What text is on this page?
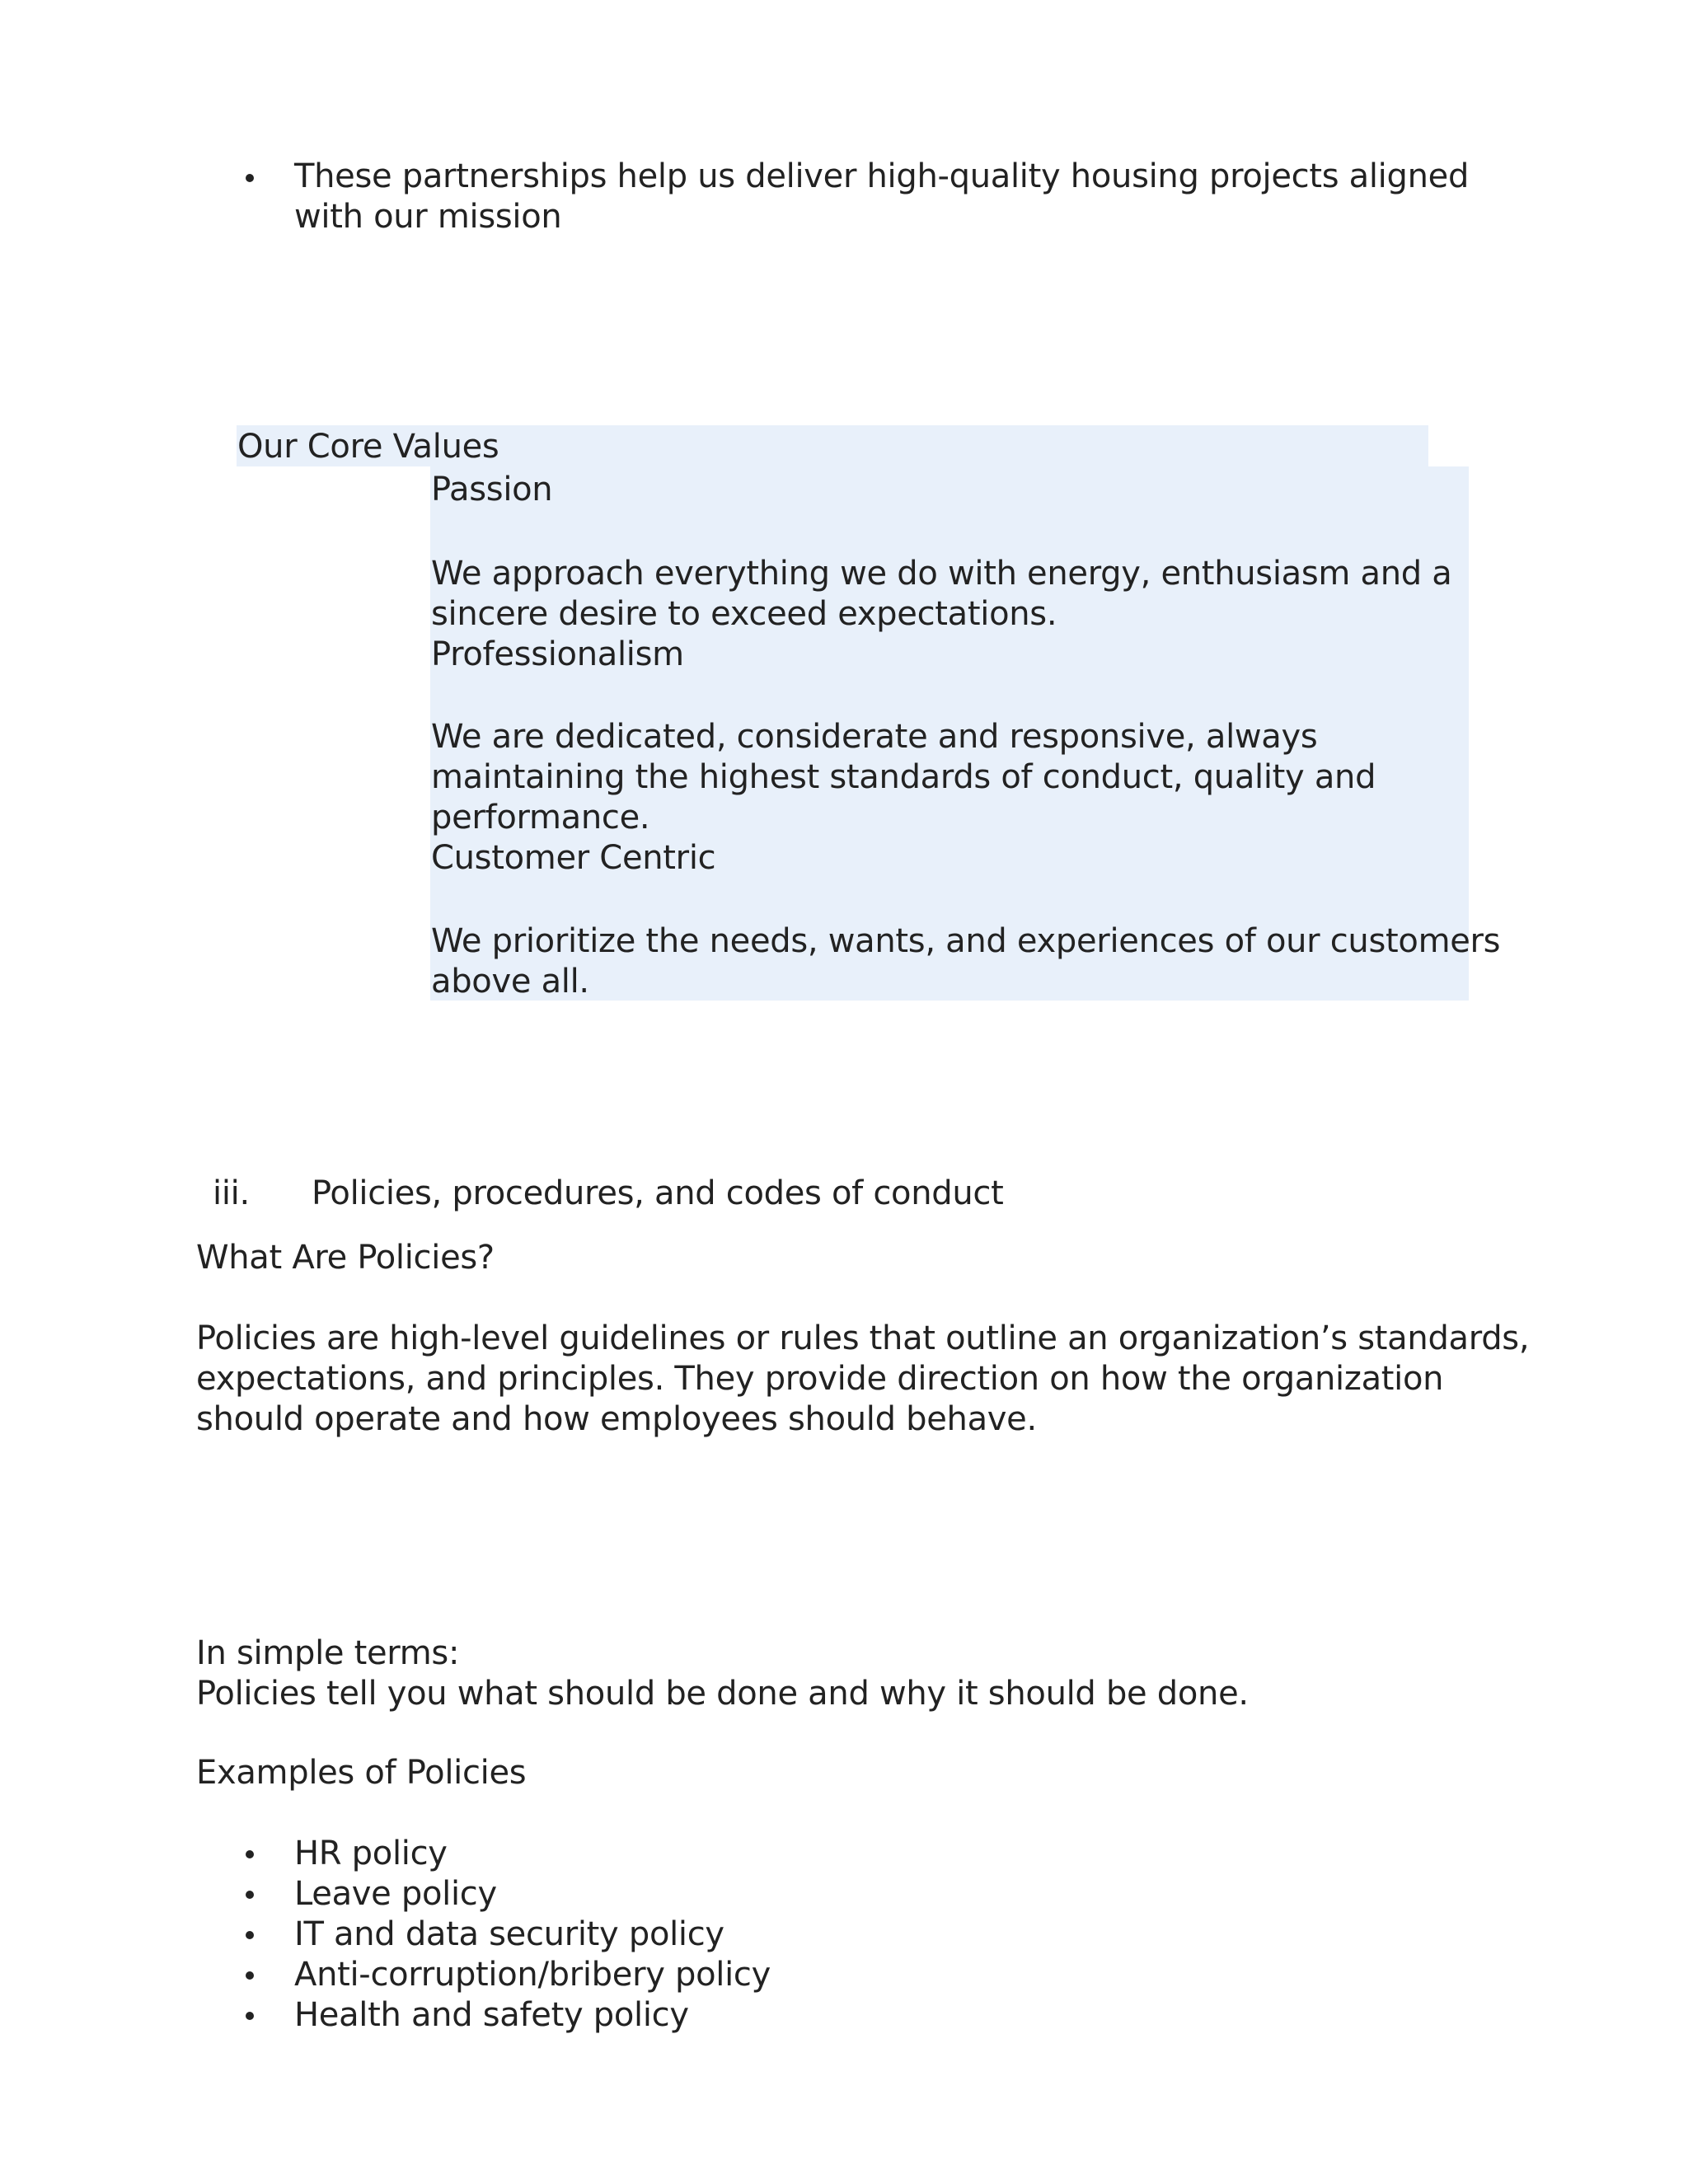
These partnerships help us deliver high-quality housing projects aligned
with our mission
Our Core Values
Passion
We approach everything we do with energy, enthusiasm and a
sincere desire to exceed expectations.
Professionalism
We are dedicated, considerate and responsive, always
maintaining the highest standards of conduct, quality and
performance.
Customer Centric
We prioritize the needs, wants, and experiences of our customers
above all.
iii. Policies, procedures, and codes of conduct
What Are Policies?
Policies are high-level guidelines or rules that outline an organization’s standards,
expectations, and principles. They provide direction on how the organization
should operate and how employees should behave.
In simple terms:
Policies tell you what should be done and why it should be done.
Examples of Policies
HR policy
Leave policy
IT and data security policy
Anti-corruption/bribery policy
Health and safety policy
